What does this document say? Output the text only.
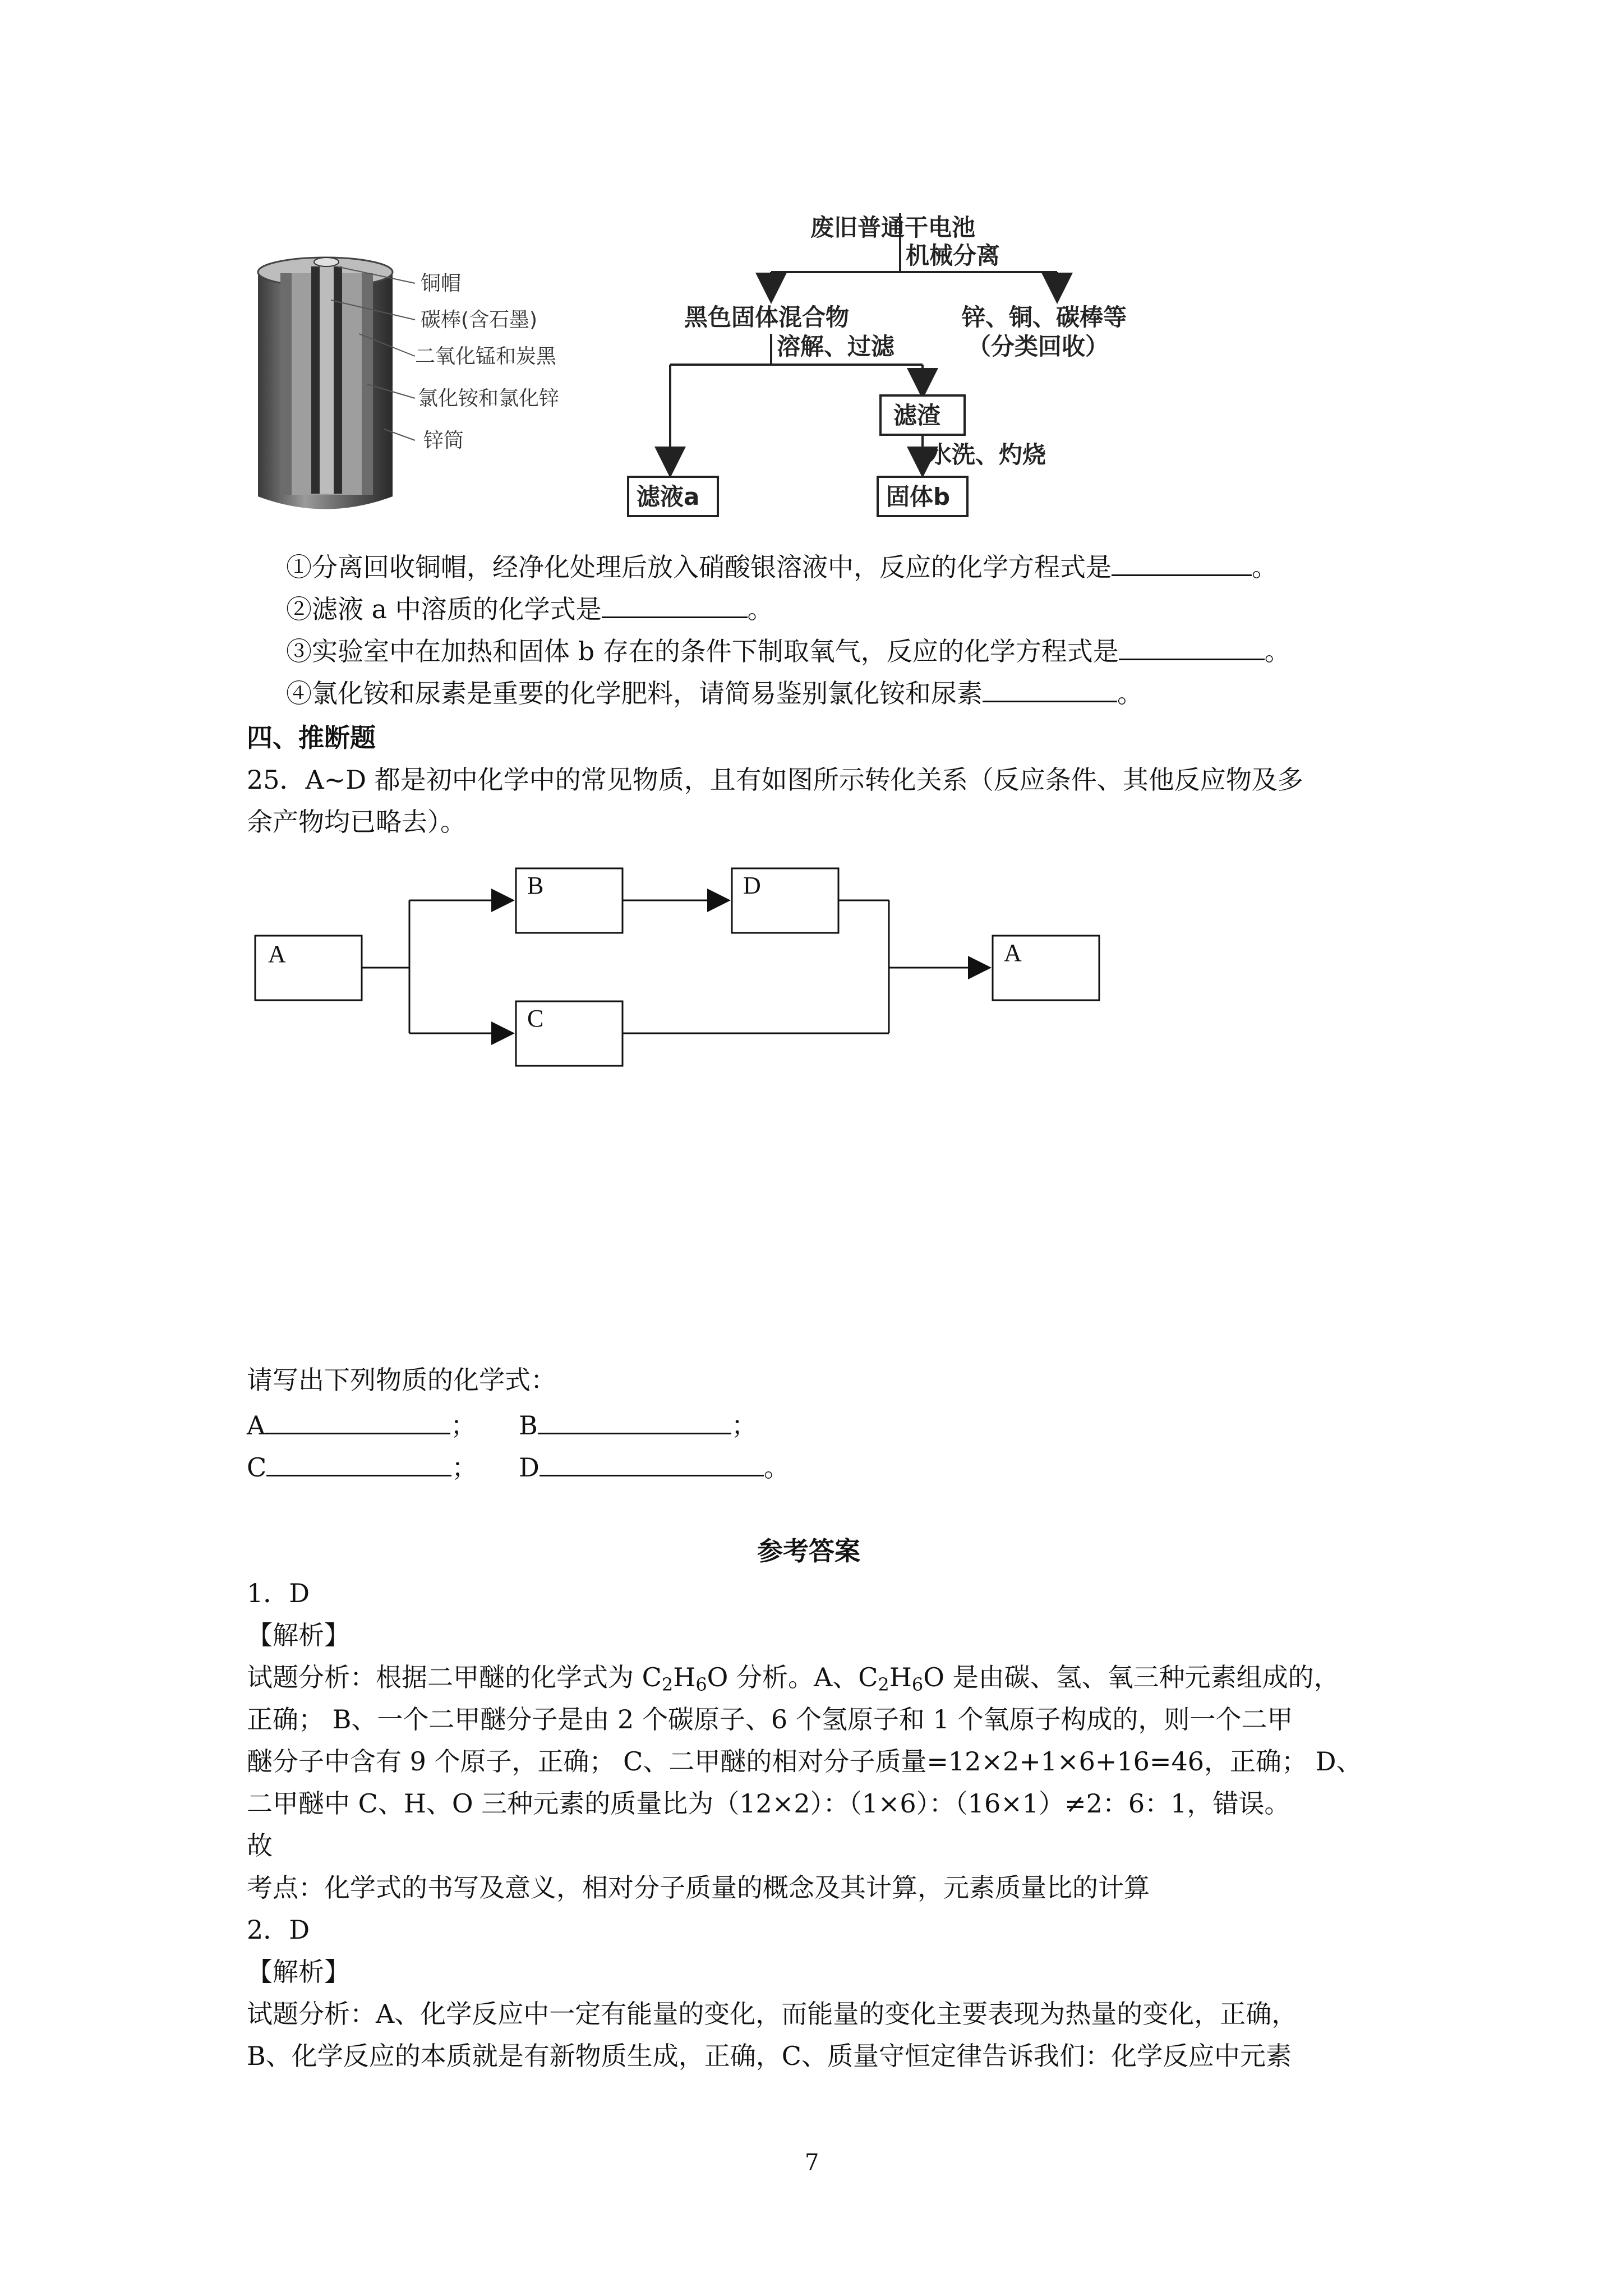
铜帽
碳棒(含石墨)
二氧化锰和炭黑
氯化铵和氯化锌
锌筒
废旧普通干电池
机械分离
黑色固体混合物	锌、铜、碳棒等
（分类回收）
溶解、过滤
滤渣
水洗、灼烧
滤液a	固体b
①分离回收铜帽，经净化处理后放入硝酸银溶液中，反应的化学方程式是	。
②滤液 a 中溶质的化学式是	。
③实验室中在加热和固体 b 存在的条件下制取氧气，反应的化学方程式是	。
④氯化铵和尿素是重要的化学肥料，请简易鉴别氯化铵和尿素	。
四、推断题
25．A~D 都是初中化学中的常见物质，且有如图所示转化关系（反应条件、其他反应物及多
余产物均已略去）。
A
B	D
C
A
请写出下列物质的化学式：
A	； B	；
C	； D	。
参考答案
1．D
【解析】
试题分析：根据二甲醚的化学式为 $C_2H_6O$ 分析。A、$C_2H_6O$ 是由碳、氢、氧三种元素组成的，
正确； B、一个二甲醚分子是由 2 个碳原子、6 个氢原子和 1 个氧原子构成的，则一个二甲
醚分子中含有 9 个原子，正确； C、二甲醚的相对分子质量=12×2+1×6+16=46，正确； D、
二甲醚中 C、H、O 三种元素的质量比为（12×2）：（1×6）：（16×1）≠2：6：1，错误。
故
考点：化学式的书写及意义，相对分子质量的概念及其计算，元素质量比的计算
2．D
【解析】
试题分析：A、化学反应中一定有能量的变化，而能量的变化主要表现为热量的变化，正确，
B、化学反应的本质就是有新物质生成，正确，C、质量守恒定律告诉我们：化学反应中元素
7
